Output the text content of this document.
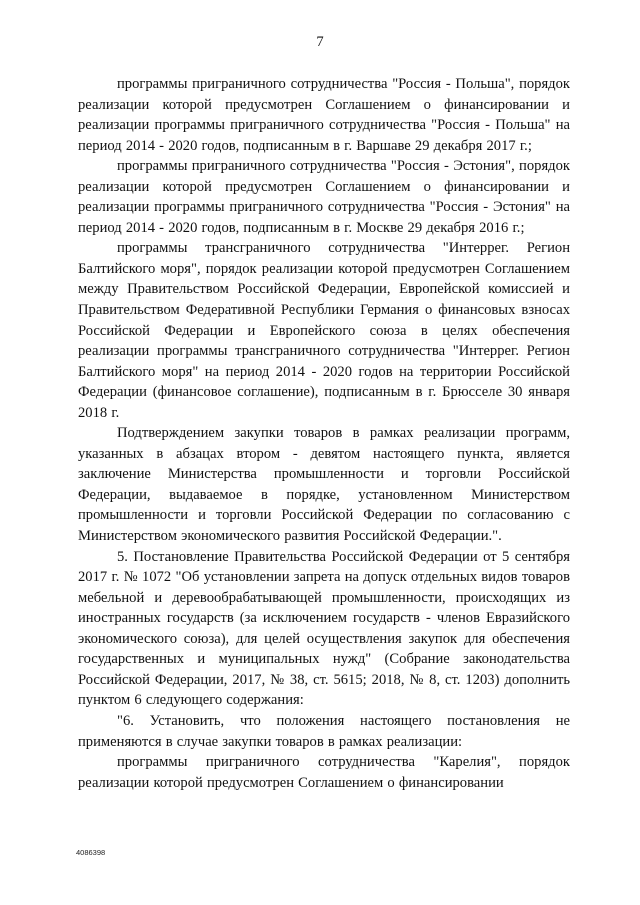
7

программы приграничного сотрудничества "Россия - Польша", порядок реализации которой предусмотрен Соглашением о финансировании и реализации программы приграничного сотрудничества "Россия - Польша" на период 2014 - 2020 годов, подписанным в г. Варшаве 29 декабря 2017 г.;

программы приграничного сотрудничества "Россия - Эстония", порядок реализации которой предусмотрен Соглашением о финансировании и реализации программы приграничного сотрудничества "Россия - Эстония" на период 2014 - 2020 годов, подписанным в г. Москве 29 декабря 2016 г.;

программы трансграничного сотрудничества "Интеррег. Регион Балтийского моря", порядок реализации которой предусмотрен Соглашением между Правительством Российской Федерации, Европейской комиссией и Правительством Федеративной Республики Германия о финансовых взносах Российской Федерации и Европейского союза в целях обеспечения реализации программы трансграничного сотрудничества "Интеррег. Регион Балтийского моря" на период 2014 - 2020 годов на территории Российской Федерации (финансовое соглашение), подписанным в г. Брюсселе 30 января 2018 г.

Подтверждением закупки товаров в рамках реализации программ, указанных в абзацах втором - девятом настоящего пункта, является заключение Министерства промышленности и торговли Российской Федерации, выдаваемое в порядке, установленном Министерством промышленности и торговли Российской Федерации по согласованию с Министерством экономического развития Российской Федерации.".

5. Постановление Правительства Российской Федерации от 5 сентября 2017 г. № 1072 "Об установлении запрета на допуск отдельных видов товаров мебельной и деревообрабатывающей промышленности, происходящих из иностранных государств (за исключением государств - членов Евразийского экономического союза), для целей осуществления закупок для обеспечения государственных и муниципальных нужд" (Собрание законодательства Российской Федерации, 2017, № 38, ст. 5615; 2018, № 8, ст. 1203) дополнить пунктом 6 следующего содержания:

"6. Установить, что положения настоящего постановления не применяются в случае закупки товаров в рамках реализации:

программы приграничного сотрудничества "Карелия", порядок реализации которой предусмотрен Соглашением о финансировании

4086398
